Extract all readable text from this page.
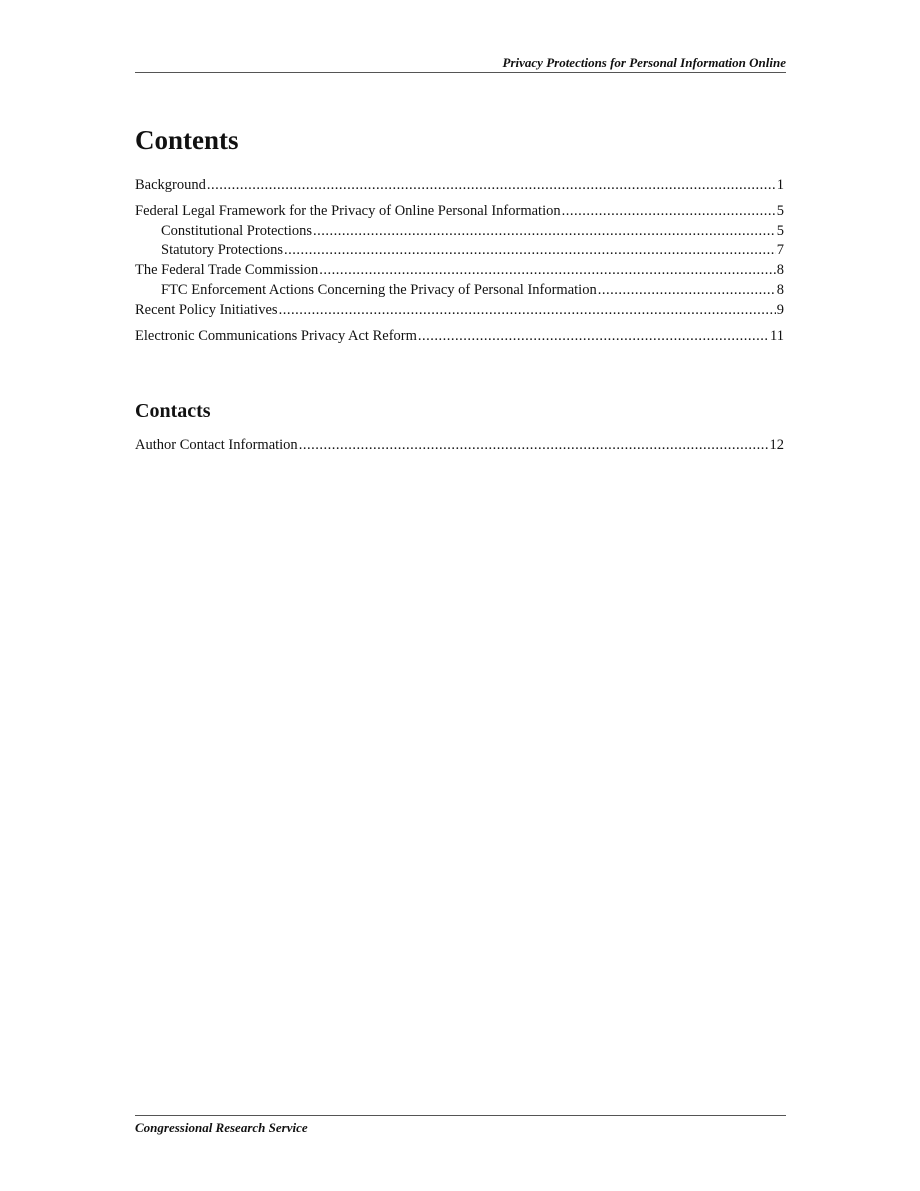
Privacy Protections for Personal Information Online
Contents
Background .....	1
Federal Legal Framework for the Privacy of Online Personal Information .....	5
Constitutional Protections .....	5
Statutory Protections .....	7
The Federal Trade Commission .....	8
FTC Enforcement Actions Concerning the Privacy of Personal Information .....	8
Recent Policy Initiatives .....	9
Electronic Communications Privacy Act Reform .....	11
Contacts
Author Contact Information .....	12
Congressional Research Service
